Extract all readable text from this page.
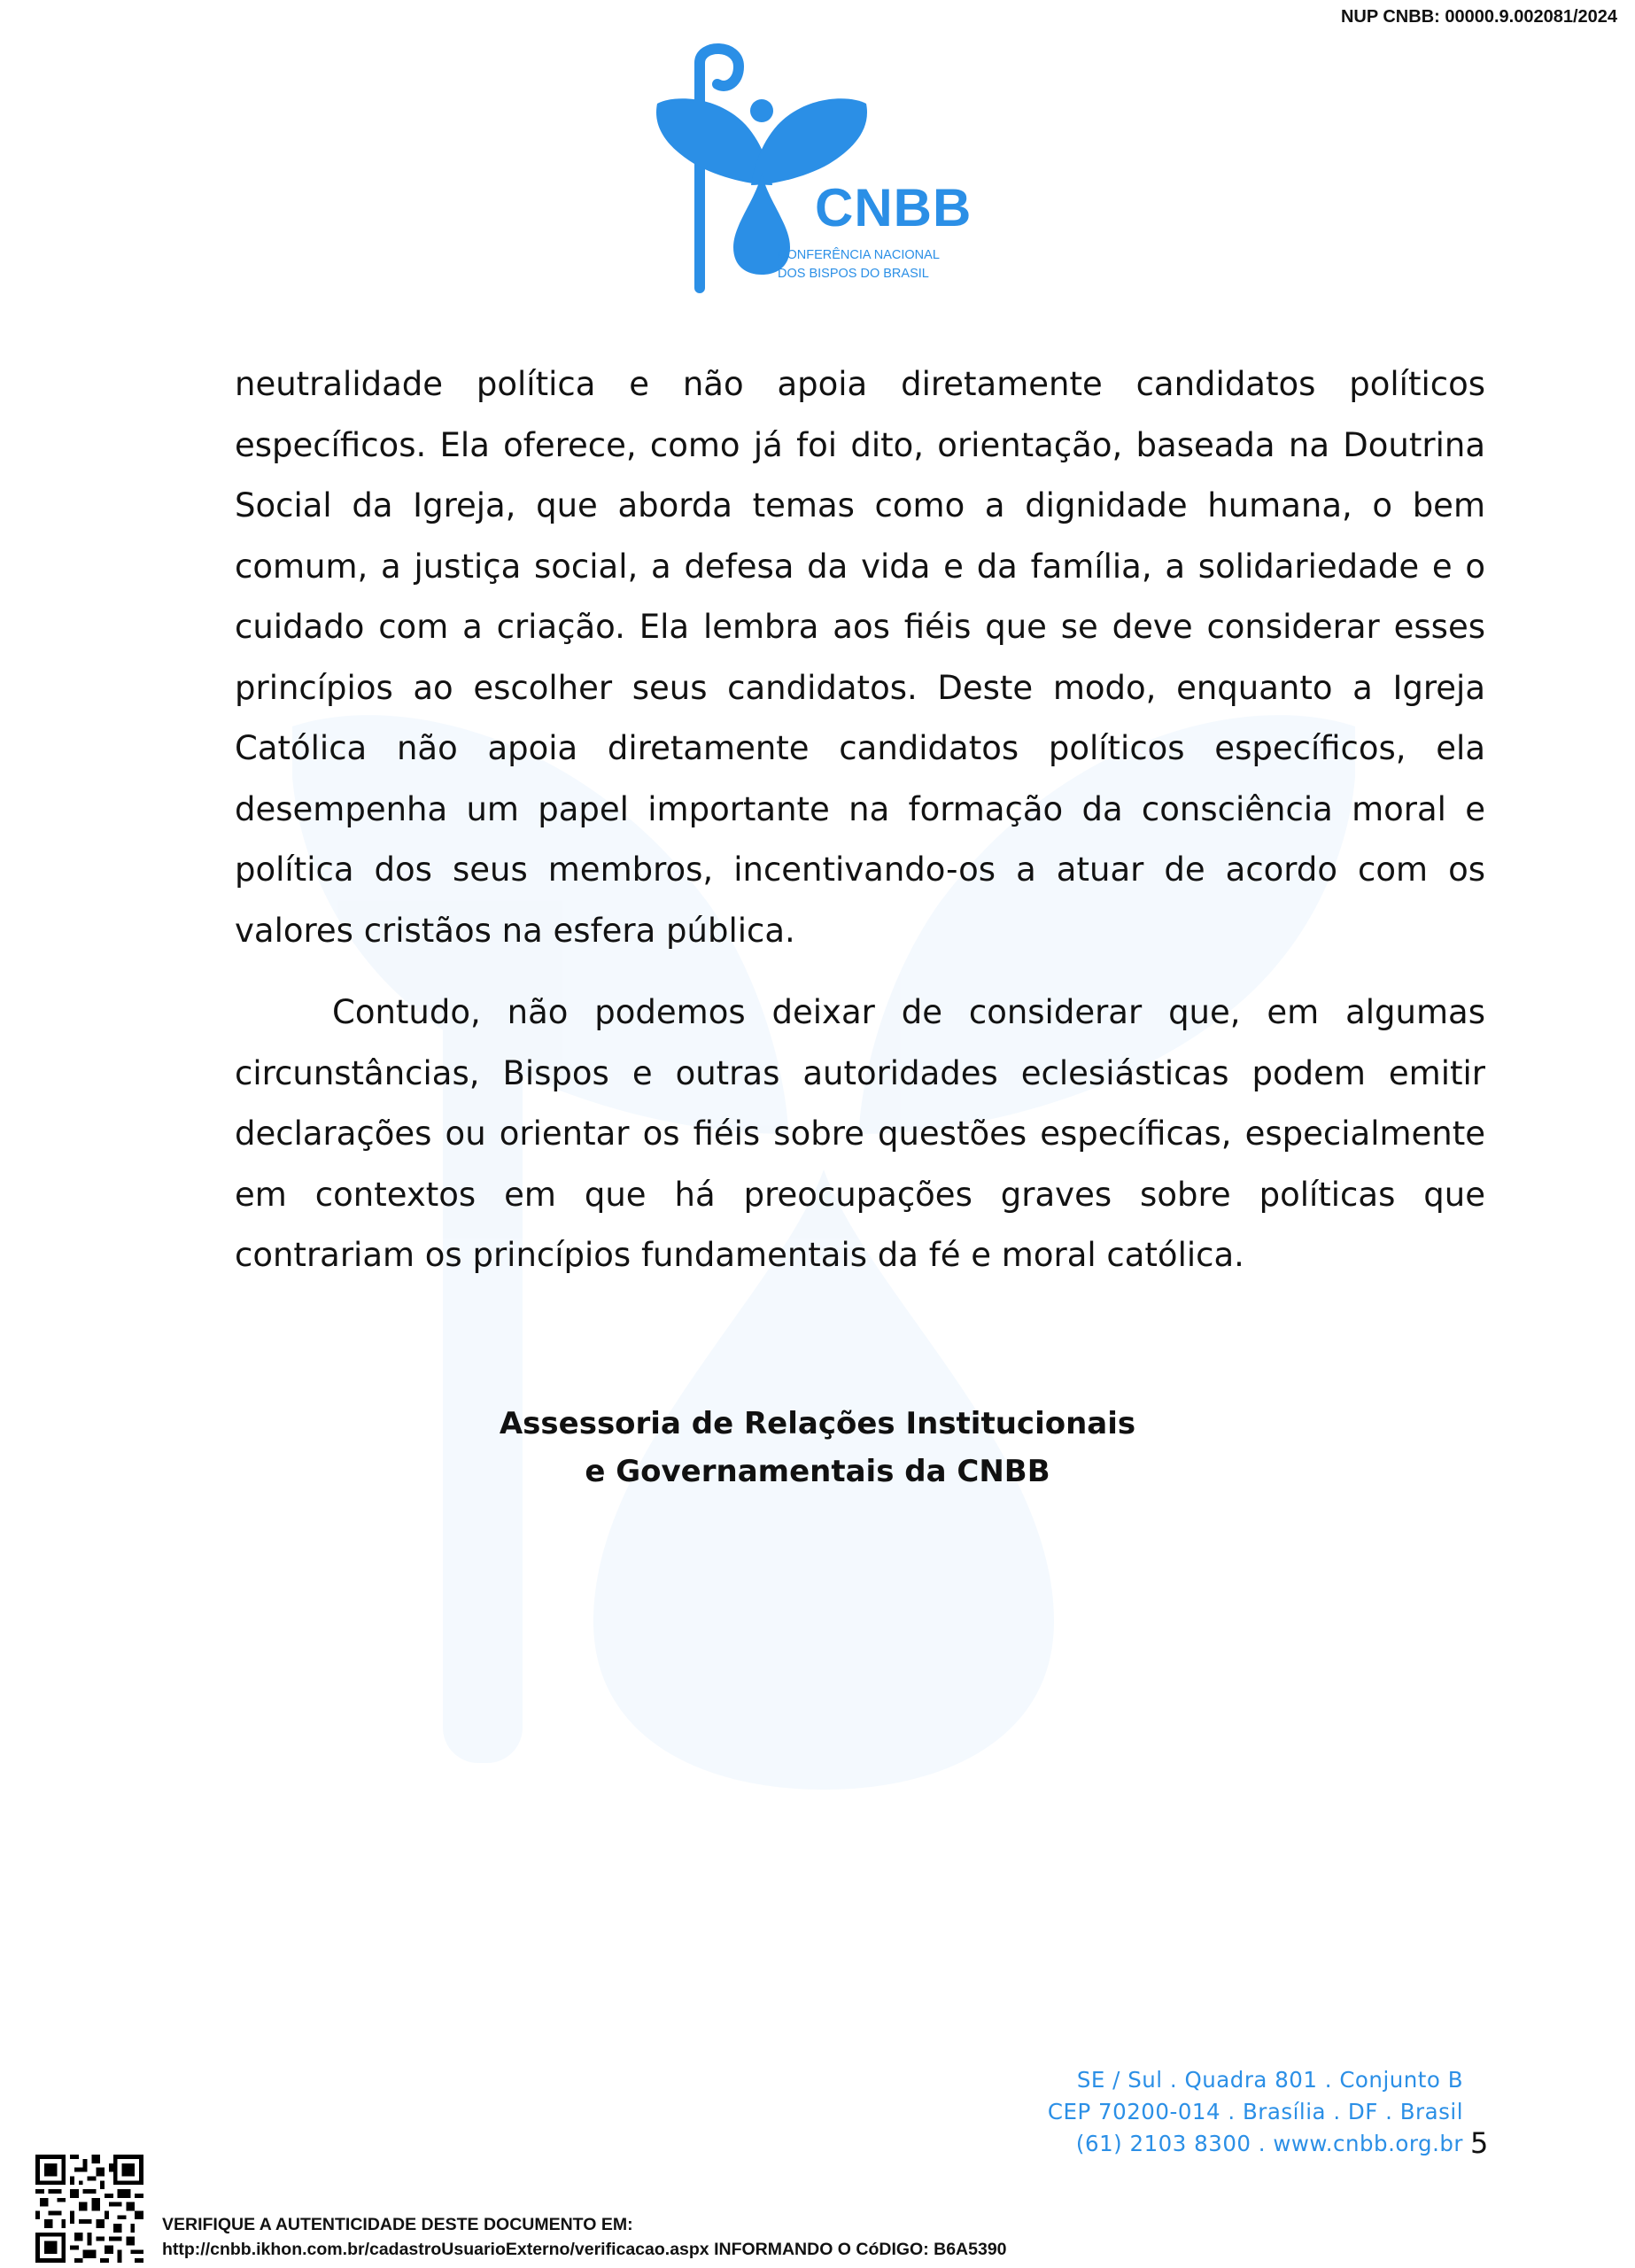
NUP CNBB: 00000.9.002081/2024
CNBB
CONFERÊNCIA NACIONAL
DOS BISPOS DO BRASIL

neutralidade política e não apoia diretamente candidatos políticos específicos. Ela oferece, como já foi dito, orientação, baseada na Doutrina Social da Igreja, que aborda temas como a dignidade humana, o bem comum, a justiça social, a defesa da vida e da família, a solidariedade e o cuidado com a criação. Ela lembra aos fiéis que se deve considerar esses princípios ao escolher seus candidatos. Deste modo, enquanto a Igreja Católica não apoia diretamente candidatos políticos específicos, ela desempenha um papel importante na formação da consciência moral e política dos seus membros, incentivando-os a atuar de acordo com os valores cristãos na esfera pública.

Contudo, não podemos deixar de considerar que, em algumas circunstâncias, Bispos e outras autoridades eclesiásticas podem emitir declarações ou orientar os fiéis sobre questões específicas, especialmente em contextos em que há preocupações graves sobre políticas que contrariam os princípios fundamentais da fé e moral católica.

Assessoria de Relações Institucionais
e Governamentais da CNBB
SE / Sul . Quadra 801 . Conjunto B
CEP 70200-014 . Brasília . DF . Brasil
(61) 2103 8300 . www.cnbb.org.br 5
VERIFIQUE A AUTENTICIDADE DESTE DOCUMENTO EM:
http://cnbb.ikhon.com.br/cadastroUsuarioExterno/verificacao.aspx INFORMANDO O CóDIGO: B6A5390
